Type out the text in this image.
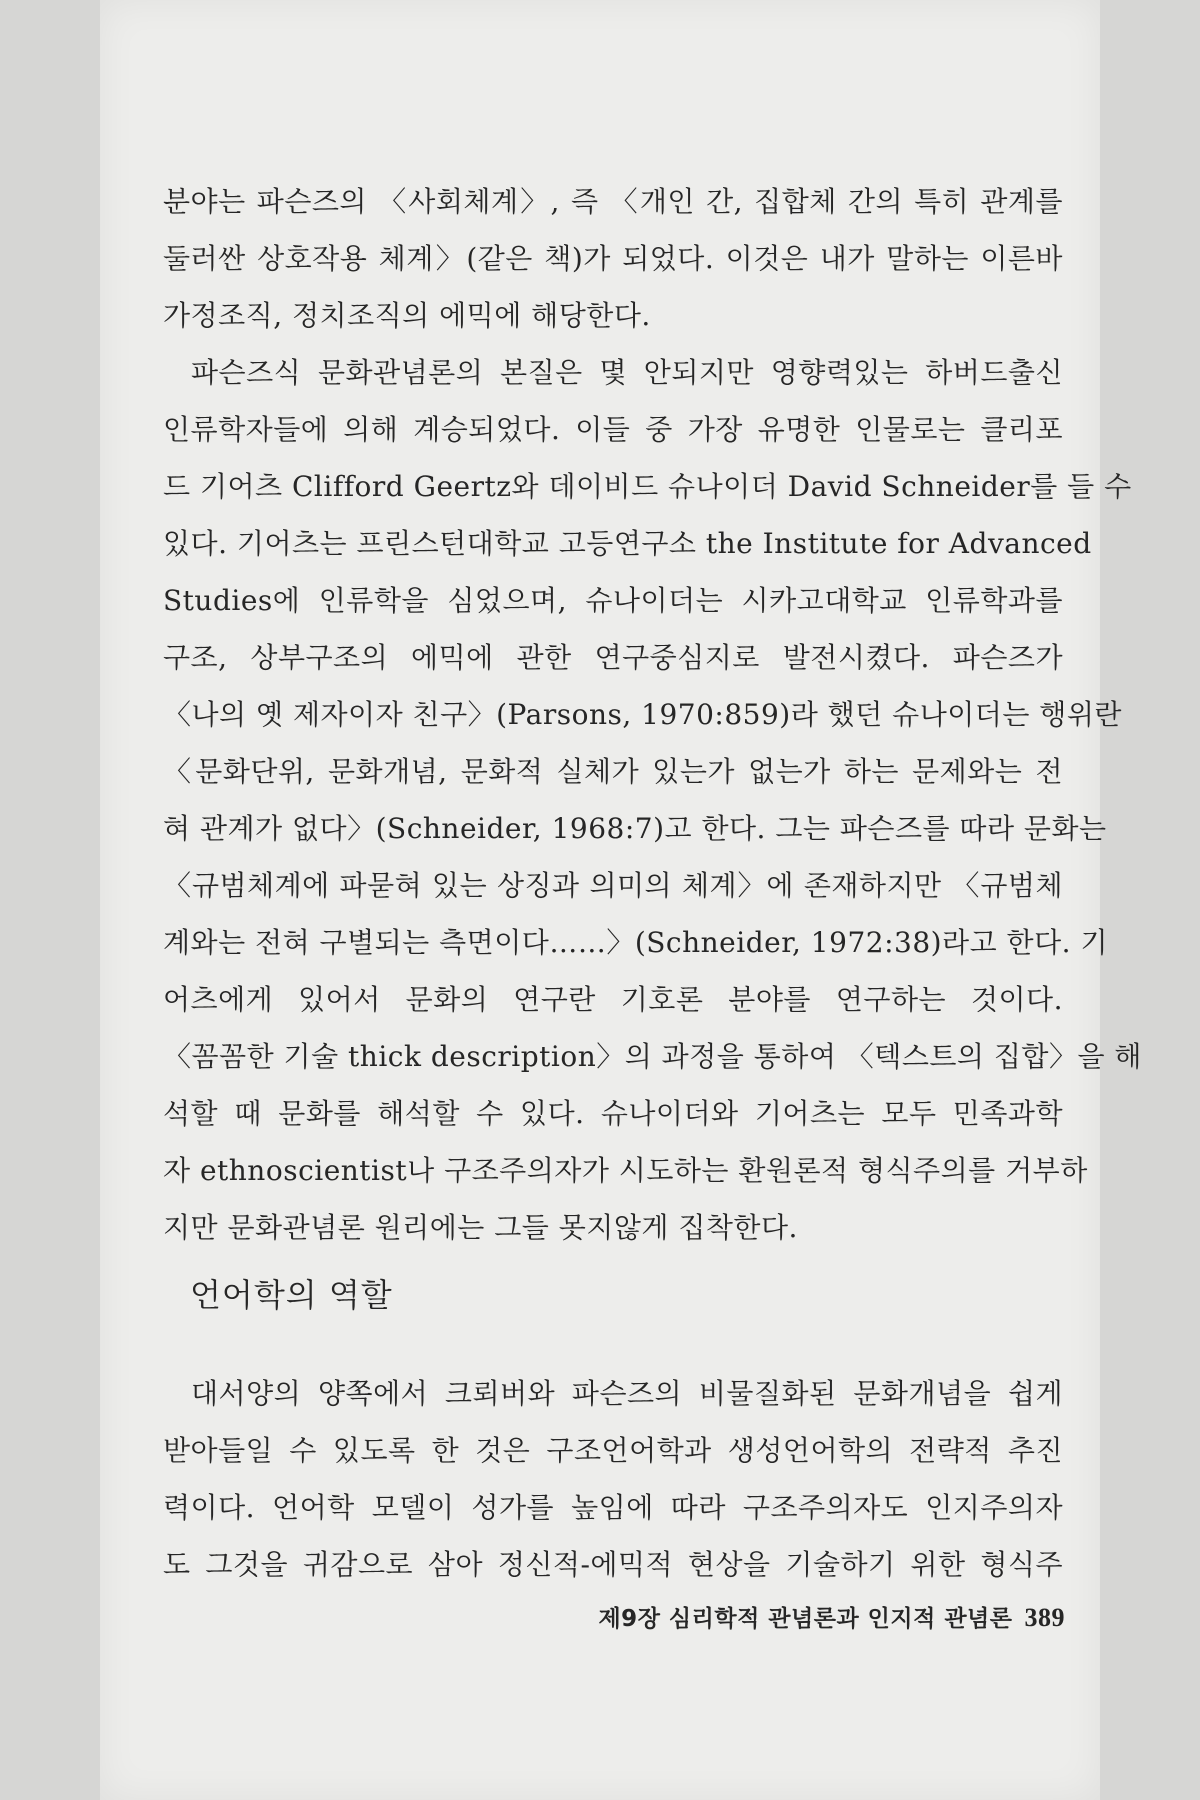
분야는 파슨즈의 〈사회체계〉, 즉 〈개인 간, 집합체 간의 특히 관계를
둘러싼 상호작용 체계〉(같은 책)가 되었다. 이것은 내가 말하는 이른바
가정조직, 정치조직의 에믹에 해당한다.
파슨즈식 문화관념론의 본질은 몇 안되지만 영향력있는 하버드출신
인류학자들에 의해 계승되었다. 이들 중 가장 유명한 인물로는 클리포
드 기어츠 Clifford Geertz와 데이비드 슈나이더 David Schneider를 들 수
있다. 기어츠는 프린스턴대학교 고등연구소 the Institute for Advanced
Studies에 인류학을 심었으며, 슈나이더는 시카고대학교 인류학과를
구조, 상부구조의 에믹에 관한 연구중심지로 발전시켰다. 파슨즈가
〈나의 옛 제자이자 친구〉(Parsons, 1970:859)라 했던 슈나이더는 행위란
〈문화단위, 문화개념, 문화적 실체가 있는가 없는가 하는 문제와는 전
혀 관계가 없다〉(Schneider, 1968:7)고 한다. 그는 파슨즈를 따라 문화는
〈규범체계에 파묻혀 있는 상징과 의미의 체계〉에 존재하지만 〈규범체
계와는 전혀 구별되는 측면이다……〉(Schneider, 1972:38)라고 한다. 기
어츠에게 있어서 문화의 연구란 기호론 분야를 연구하는 것이다.
〈꼼꼼한 기술 thick description〉의 과정을 통하여 〈텍스트의 집합〉을 해
석할 때 문화를 해석할 수 있다. 슈나이더와 기어츠는 모두 민족과학
자 ethnoscientist나 구조주의자가 시도하는 환원론적 형식주의를 거부하
지만 문화관념론 원리에는 그들 못지않게 집착한다.
언어학의 역할
대서양의 양쪽에서 크뢰버와 파슨즈의 비물질화된 문화개념을 쉽게
받아들일 수 있도록 한 것은 구조언어학과 생성언어학의 전략적 추진
력이다. 언어학 모델이 성가를 높임에 따라 구조주의자도 인지주의자
도 그것을 귀감으로 삼아 정신적-에믹적 현상을 기술하기 위한 형식주
제9장 심리학적 관념론과 인지적 관념론 389
